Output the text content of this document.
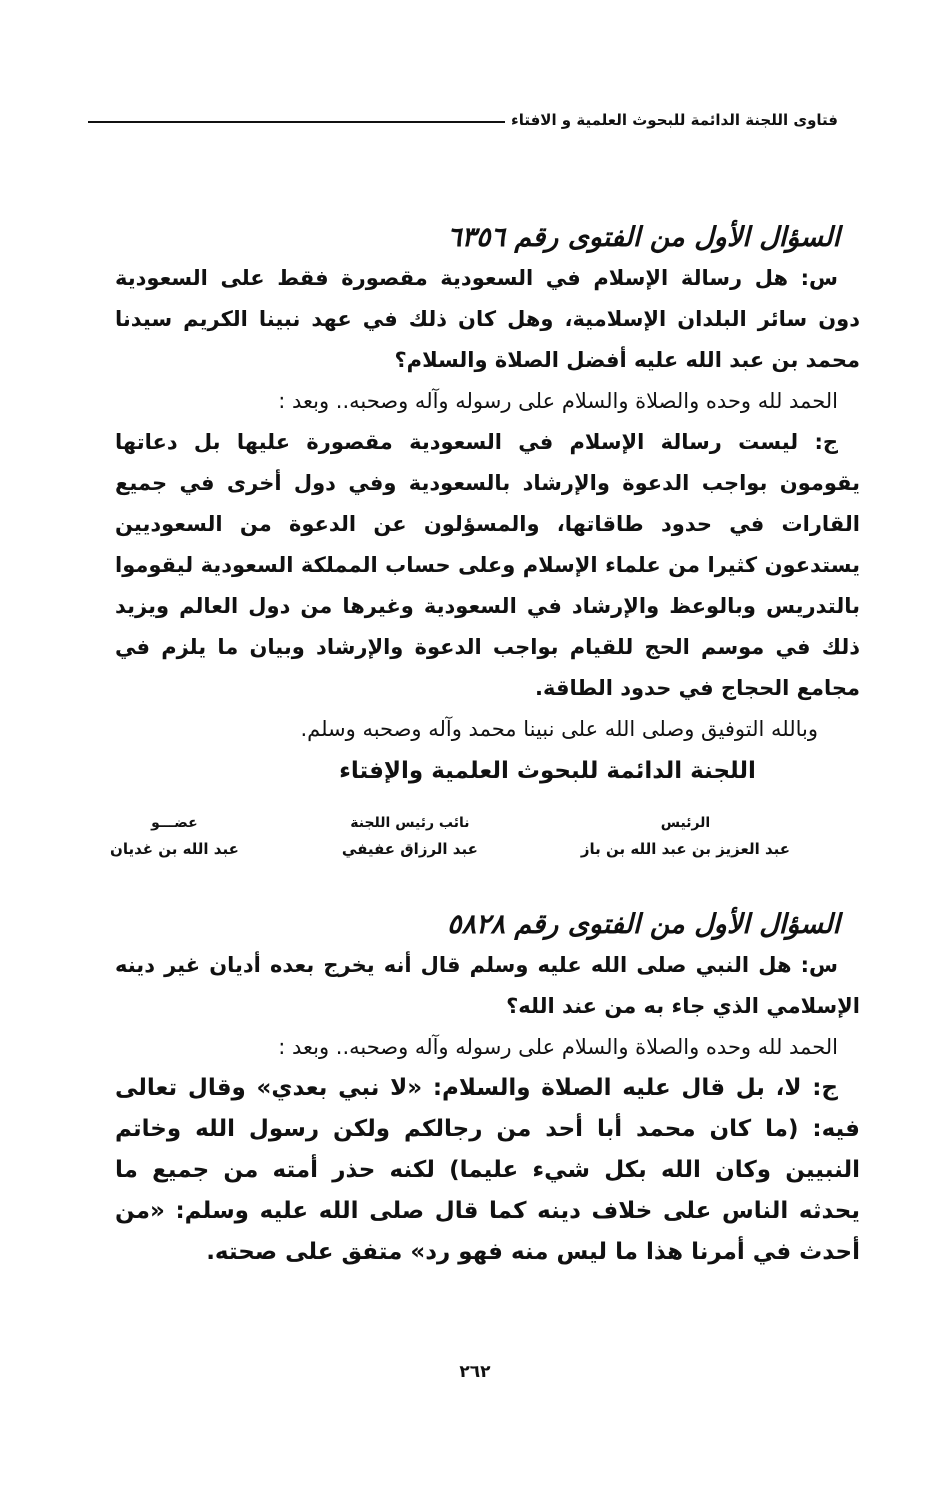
فتاوى اللجنة الدائمة للبحوث العلمية و الافتاء
السؤال الأول من الفتوى رقم ٦٣٥٦

س: هل رسالة الإسلام في السعودية مقصورة فقط على السعودية دون سائر البلدان الإسلامية، وهل كان ذلك في عهد نبينا الكريم سيدنا محمد بن عبد الله عليه أفضل الصلاة والسلام؟

الحمد لله وحده والصلاة والسلام على رسوله وآله وصحبه.. وبعد :

ج: ليست رسالة الإسلام في السعودية مقصورة عليها بل دعاتها يقومون بواجب الدعوة والإرشاد بالسعودية وفي دول أخرى في جميع القارات في حدود طاقاتها، والمسؤلون عن الدعوة من السعوديين يستدعون كثيرا من علماء الإسلام وعلى حساب المملكة السعودية ليقوموا بالتدريس وبالوعظ والإرشاد في السعودية وغيرها من دول العالم ويزيد ذلك في موسم الحج للقيام بواجب الدعوة والإرشاد وبيان ما يلزم في مجامع الحجاج في حدود الطاقة.

وبالله التوفيق وصلى الله على نبينا محمد وآله وصحبه وسلم.

اللجنة الدائمة للبحوث العلمية والإفتاء

الرئيس
عبد العزيز بن عبد الله بن باز
نائب رئيس اللجنة
عبد الرزاق عفيفي
عضـــو
عبد الله بن غديان
السؤال الأول من الفتوى رقم ٥٨٢٨

س: هل النبي صلى الله عليه وسلم قال أنه يخرج بعده أديان غير دينه الإسلامي الذي جاء به من عند الله؟

الحمد لله وحده والصلاة والسلام على رسوله وآله وصحبه.. وبعد :

ج: لا، بل قال عليه الصلاة والسلام: «لا نبي بعدي» وقال تعالى فيه: (ما كان محمد أبا أحد من رجالكم ولكن رسول الله وخاتم النبيين وكان الله بكل شيء عليما) لكنه حذر أمته من جميع ما يحدثه الناس على خلاف دينه كما قال صلى الله عليه وسلم: «من أحدث في أمرنا هذا ما ليس منه فهو رد» متفق على صحته.

٢٦٢
